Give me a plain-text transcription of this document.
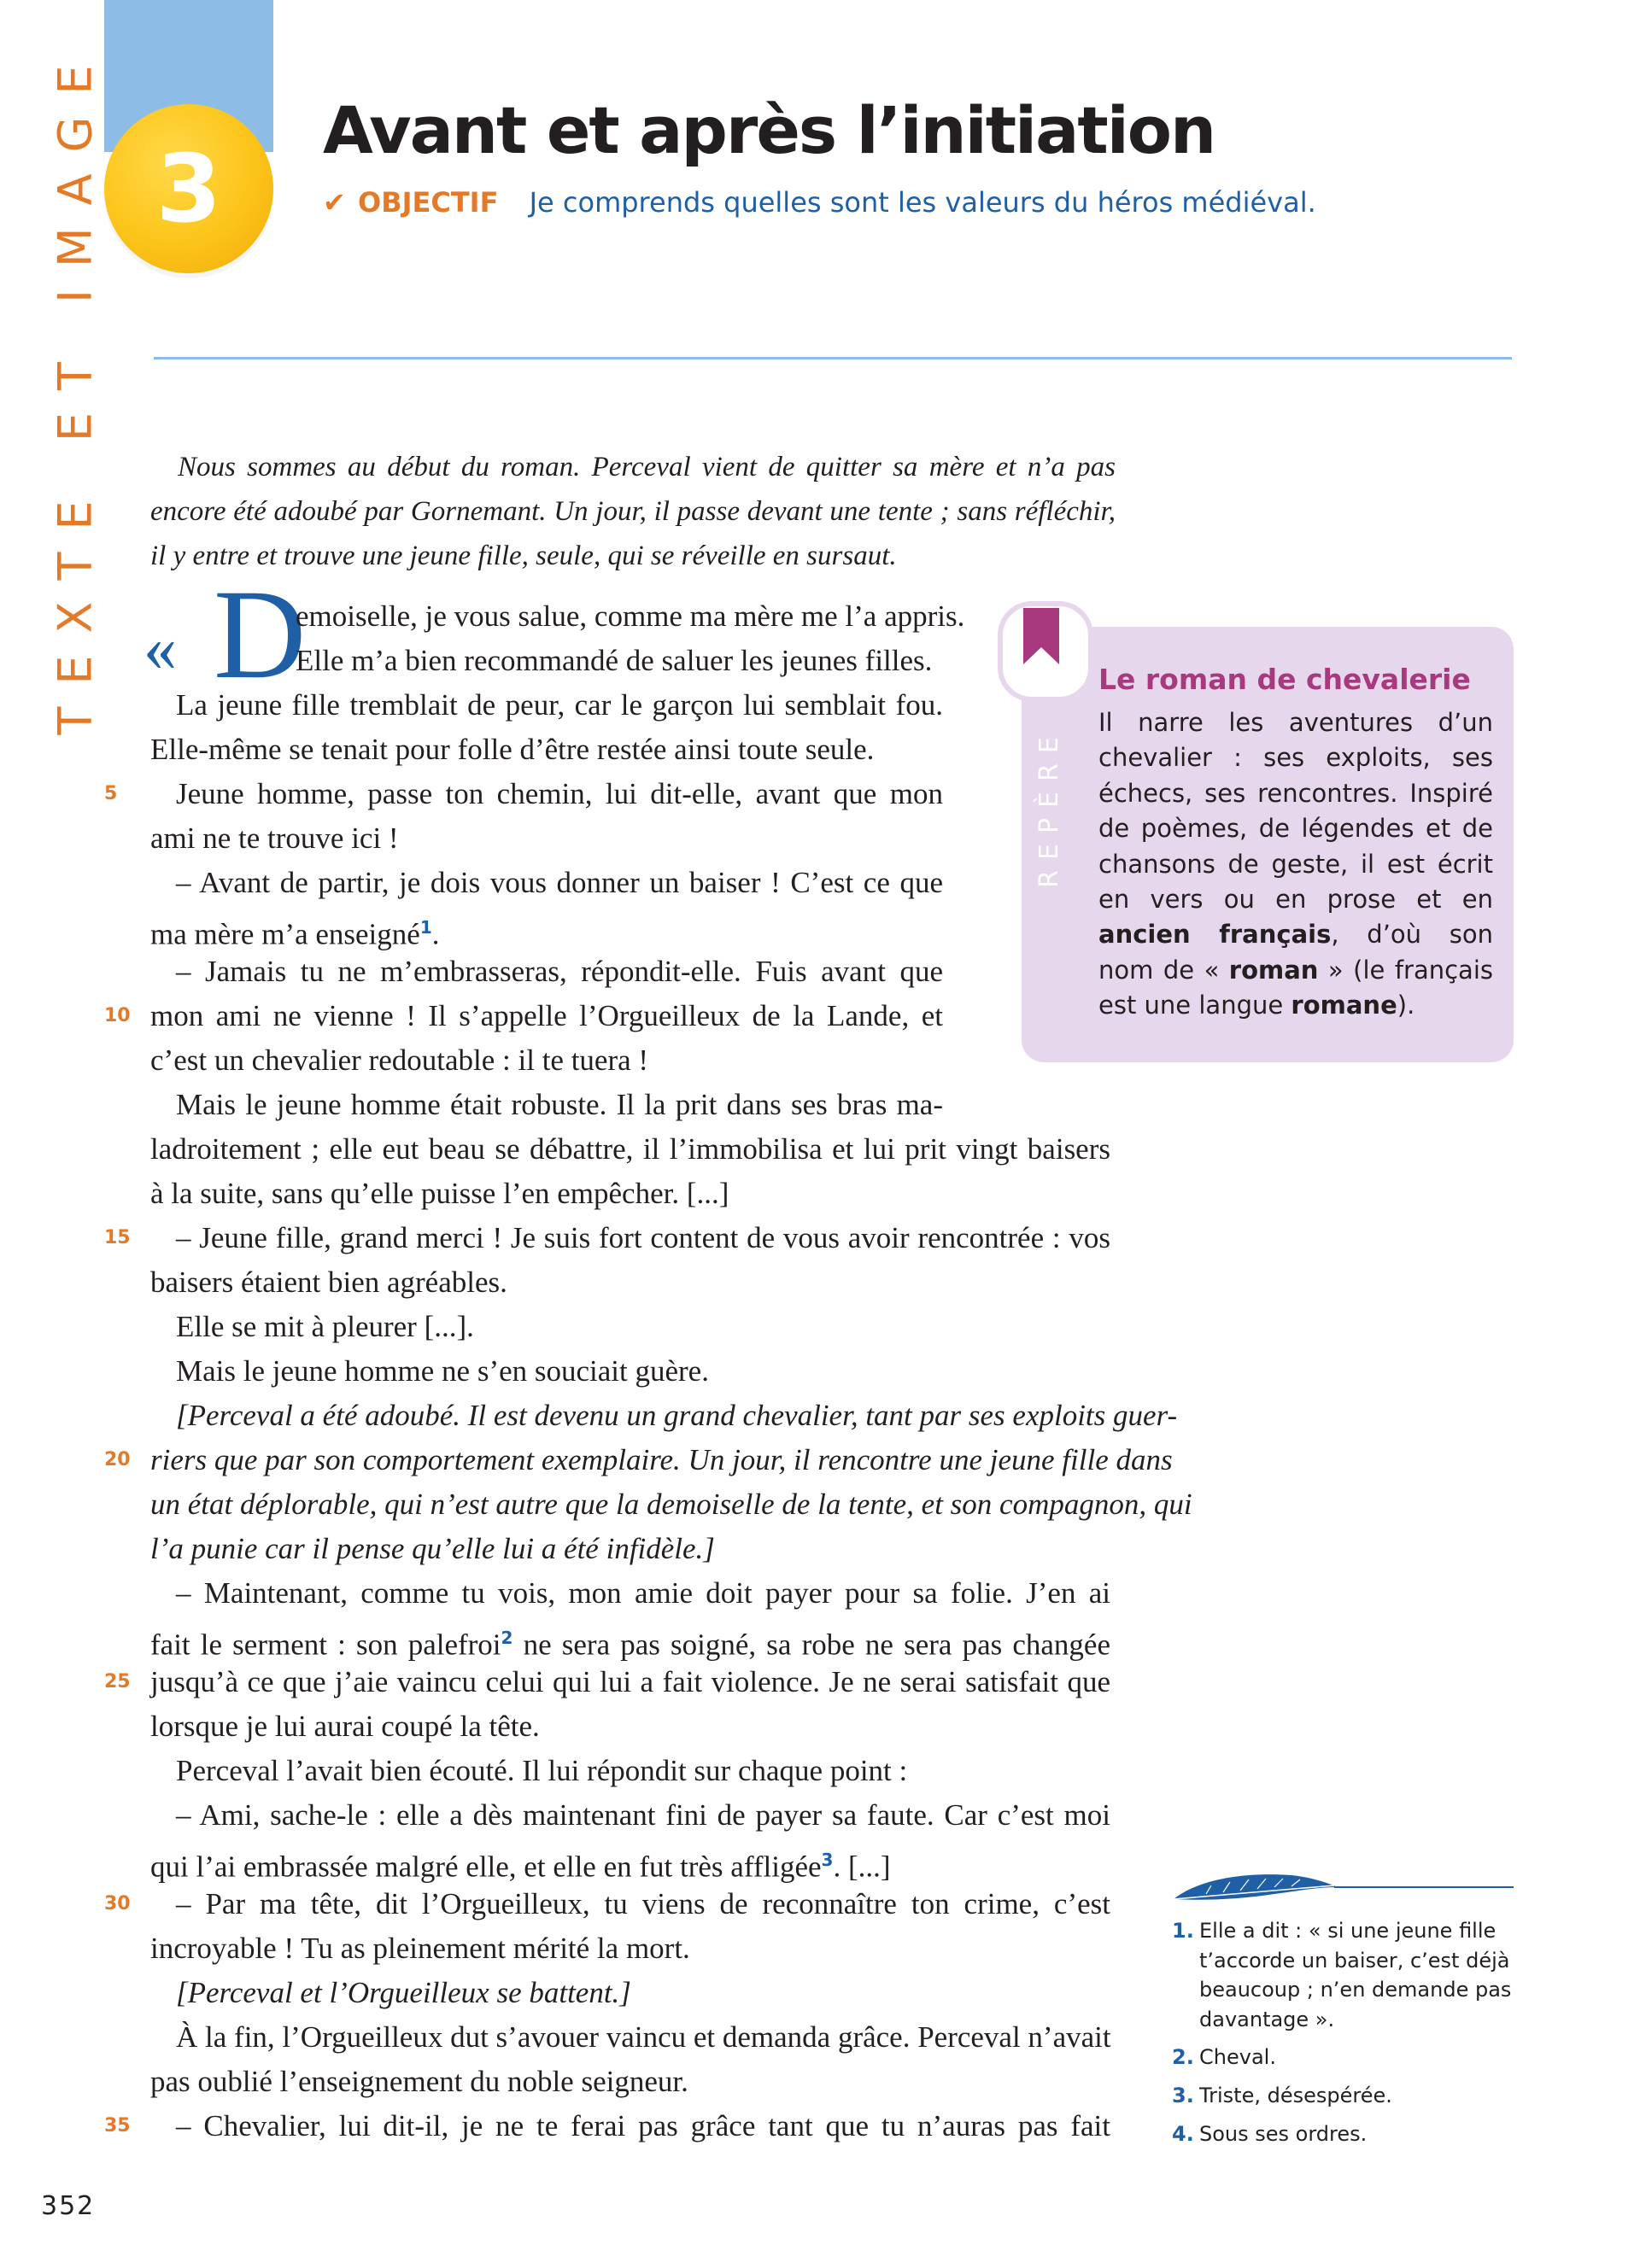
TEXTE ET IMAGE 3
Avant et après l’initiation
✔ OBJECTIF Je comprends quelles sont les valeurs du héros médiéval.

Nous sommes au début du roman. Perceval vient de quitter sa mère et n’a pas encore été adoubé par Gornemant. Un jour, il passe devant une tente ; sans réfléchir, il y entre et trouve une jeune fille, seule, qui se réveille en sursaut.

« D
emoiselle, je vous salue, comme ma mère me l’a appris.
Elle m’a bien recommandé de saluer les jeunes filles.
La jeune fille tremblait de peur, car le garçon lui semblait fou.
Elle-même se tenait pour folle d’être restée ainsi toute seule.
5	Jeune homme, passe ton chemin, lui dit-elle, avant que mon
ami ne te trouve ici !
– Avant de partir, je dois vous donner un baiser ! C’est ce que
ma mère m’a enseigné$^1$.
– Jamais tu ne m’embrasseras, répondit-elle. Fuis avant que
10 mon ami ne vienne ! Il s’appelle l’Orgueilleux de la Lande, et
c’est un chevalier redoutable : il te tuera !
Mais le jeune homme était robuste. Il la prit dans ses bras ma-
ladroitement ; elle eut beau se débattre, il l’immobilisa et lui prit vingt baisers
à la suite, sans qu’elle puisse l’en empêcher. [...]
15	– Jeune fille, grand merci ! Je suis fort content de vous avoir rencontrée : vos
baisers étaient bien agréables.
Elle se mit à pleurer [...].
Mais le jeune homme ne s’en souciait guère.
[Perceval a été adoubé. Il est devenu un grand chevalier, tant par ses exploits guer-
20 riers que par son comportement exemplaire. Un jour, il rencontre une jeune fille dans
un état déplorable, qui n’est autre que la demoiselle de la tente, et son compagnon, qui
l’a punie car il pense qu’elle lui a été infidèle.]
– Maintenant, comme tu vois, mon amie doit payer pour sa folie. J’en ai
fait le serment : son palefroi$^2$ ne sera pas soigné, sa robe ne sera pas changée
25 jusqu’à ce que j’aie vaincu celui qui lui a fait violence. Je ne serai satisfait que
lorsque je lui aurai coupé la tête.
Perceval l’avait bien écouté. Il lui répondit sur chaque point :
– Ami, sache-le : elle a dès maintenant fini de payer sa faute. Car c’est moi
qui l’ai embrassée malgré elle, et elle en fut très affligée$^3$. [...]
30	– Par ma tête, dit l’Orgueilleux, tu viens de reconnaître ton crime, c’est
incroyable ! Tu as pleinement mérité la mort.
[Perceval et l’Orgueilleux se battent.]
À la fin, l’Orgueilleux dut s’avouer vaincu et demanda grâce. Perceval n’avait
pas oublié l’enseignement du noble seigneur.
35	– Chevalier, lui dit-il, je ne te ferai pas grâce tant que tu n’auras pas fait
REPÈRE
Le roman de chevalerie

Il narre les aventures d’un chevalier : ses exploits, ses échecs, ses rencontres. Inspiré de poèmes, de légendes et de chansons de geste, il est écrit en vers ou en prose et en ancien français, d’où son nom de « roman » (le français est une langue romane).

1. Elle a dit : « si une jeune fille t’accorde un baiser, c’est déjà beaucoup ; n’en demande pas davantage ».
2. Cheval.
3. Triste, désespérée.
4. Sous ses ordres.
352
